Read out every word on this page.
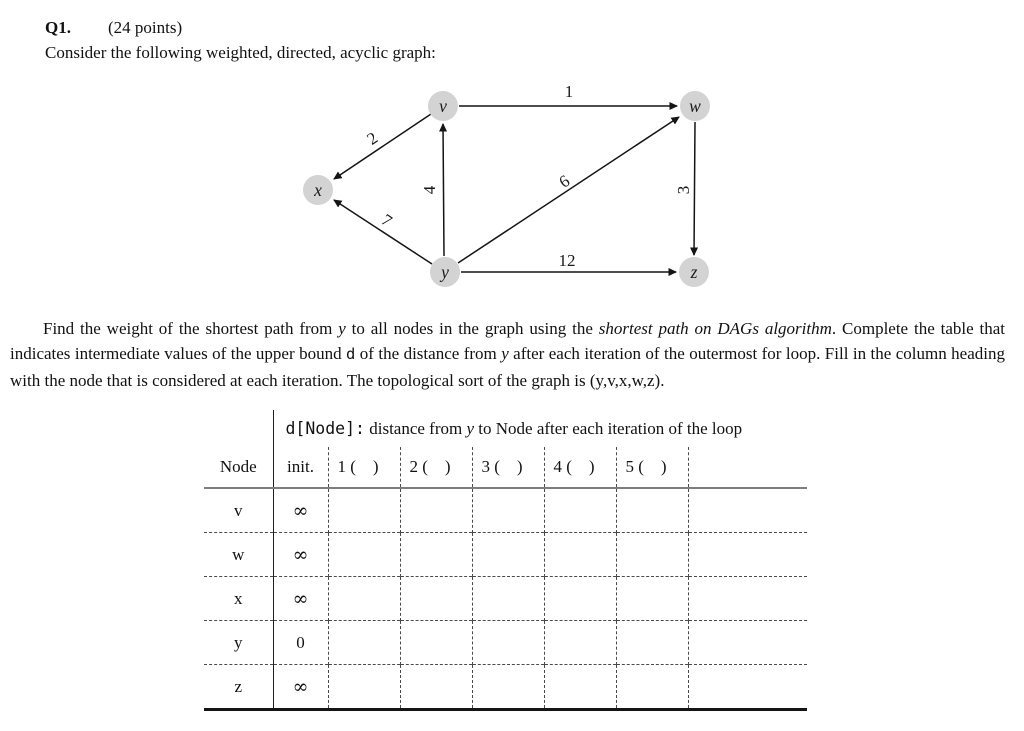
Q1. (24 points)
Consider the following weighted, directed, acyclic graph:
1
2
4
7
6
12
3
v	w
x
y	z
Find the weight of the shortest path from y to all nodes in the graph using the shortest path on DAGs algorithm. Complete the table that indicates intermediate values of the upper bound d of the distance from y after each iteration of the outermost for loop. Fill in the column heading with the node that is considered at each iteration. The topological sort of the graph is (y,v,x,w,z).
	d[Node]: distance from y to Node after each iteration of the loop						
Node	init.	1 (    )	2 (    )	3 (    )	4 (    )	5 (    )	
v	∞						
w	∞						
x	∞						
y	0						
z	∞						
